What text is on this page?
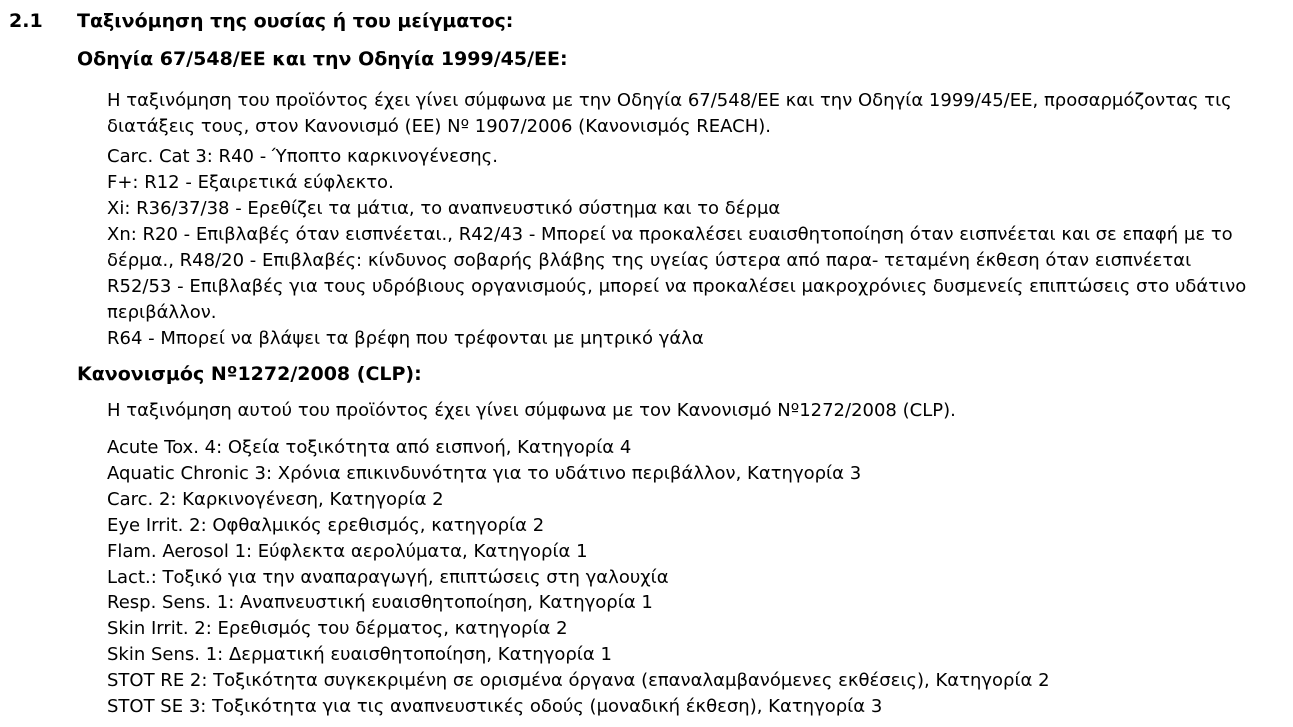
2.1 Ταξινόμηση της ουσίας ή του μείγματος:
Οδηγία 67/548/ΕΕ και την Οδηγία 1999/45/ΕΕ:

Η ταξινόμηση του προϊόντος έχει γίνει σύμφωνα με την Οδηγία 67/548/ΕΕ και την Οδηγία 1999/45/ΕΕ, προσαρμόζοντας τις διατάξεις τους, στον Κανονισμό (ΕΕ) Nº 1907/2006 (Κανονισμός REACH).

Carc. Cat 3: R40 - Ύποπτο καρκινογένεσης.

F+: R12 - Εξαιρετικά εύφλεκτο.

Xi: R36/37/38 - Ερεθίζει τα μάτια, το αναπνευστικό σύστημα και το δέρμα

Xn: R20 - Επιβλαβές όταν εισπνέεται., R42/43 - Μπορεί να προκαλέσει ευαισθητοποίηση όταν εισπνέεται και σε επαφή με το δέρμα., R48/20 - Επιβλαβές: κίνδυνος σοβαρής βλάβης της υγείας ύστερα από παρα- τεταμένη έκθεση όταν εισπνέεται

R52/53 - Επιβλαβές για τους υδρόβιους οργανισμούς, μπορεί να προκαλέσει μακροχρόνιες δυσμενείς επιπτώσεις στο υδάτινο περιβάλλον.

R64 - Μπορεί να βλάψει τα βρέφη που τρέφονται με μητρικό γάλα

Κανονισμός Nº1272/2008 (CLP):

Η ταξινόμηση αυτού του προϊόντος έχει γίνει σύμφωνα με τον Κανονισμό Nº1272/2008 (CLP).

Acute Tox. 4: Οξεία τοξικότητα από εισπνοή, Κατηγορία 4

Aquatic Chronic 3: Χρόνια επικινδυνότητα για το υδάτινο περιβάλλον, Κατηγορία 3

Carc. 2: Καρκινογένεση, Κατηγορία 2

Eye Irrit. 2: Οφθαλμικός ερεθισμός, κατηγορία 2

Flam. Aerosol 1: Εύφλεκτα αερολύματα, Κατηγορία 1

Lact.: Τοξικό για την αναπαραγωγή, επιπτώσεις στη γαλουχία

Resp. Sens. 1: Αναπνευστική ευαισθητοποίηση, Κατηγορία 1

Skin Irrit. 2: Ερεθισμός του δέρματος, κατηγορία 2

Skin Sens. 1: Δερματική ευαισθητοποίηση, Κατηγορία 1

STOT RE 2: Τοξικότητα συγκεκριμένη σε ορισμένα όργανα (επαναλαμβανόμενες εκθέσεις), Κατηγορία 2

STOT SE 3: Τοξικότητα για τις αναπνευστικές οδούς (μοναδική έκθεση), Κατηγορία 3
